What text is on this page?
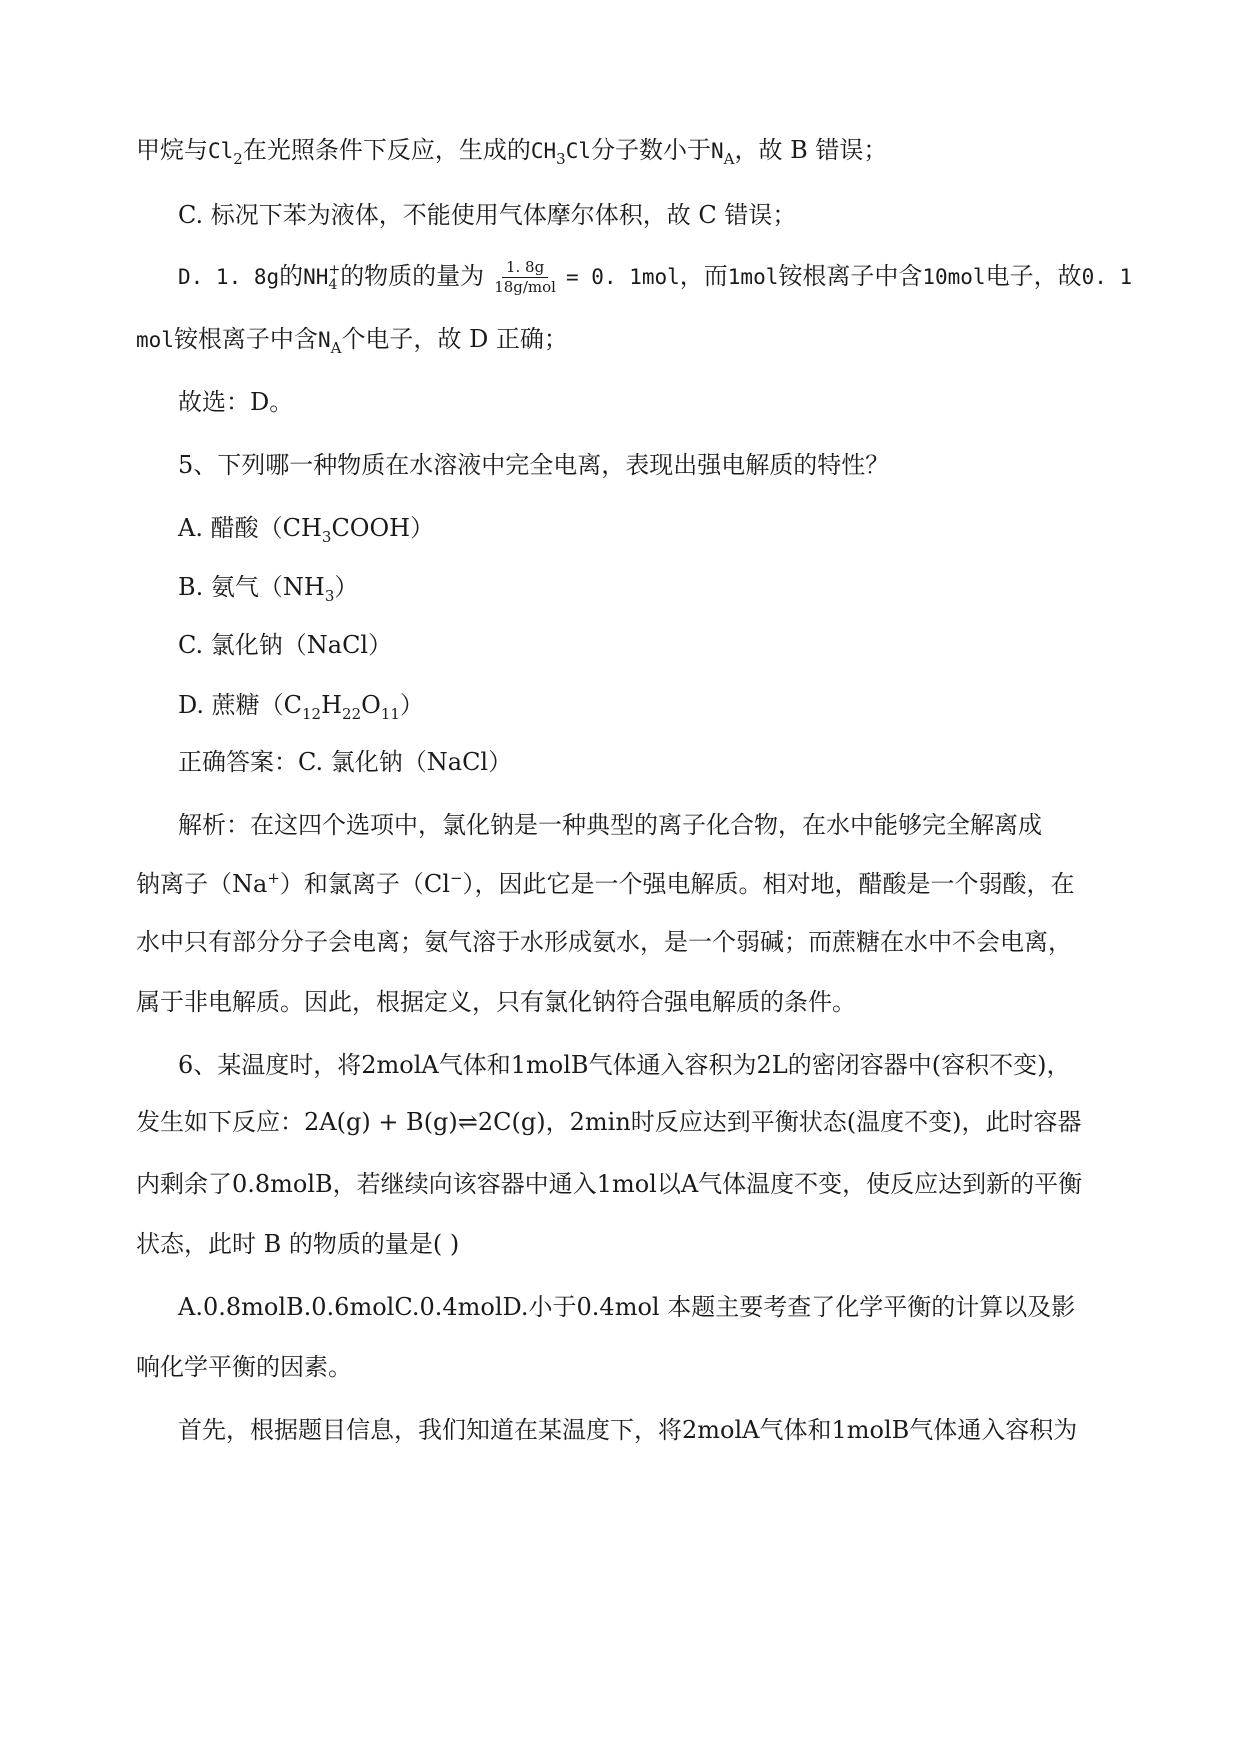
甲烷与$Cl_2$在光照条件下反应，生成的$CH_3Cl$分子数小于$N_A$，故 B 错误；
C. 标况下苯为液体，不能使用气体摩尔体积，故 C 错误；
D. 1. 8g的NH +
4 的物质的量为 $\frac{1. 8g}{\text{18g/mol}} = 0$. 1mol，而1mol铵根离子中含10mol电子，故0. 1
mol铵根离子中含$N_A$个电子，故 D 正确；
故选：D。
5、下列哪一种物质在水溶液中完全电离，表现出强电解质的特性？
A. 醋酸$(CH_3COOH)$
B. 氨气$(NH_3)$
C. 氯化钠（NaCl）
D. 蔗糖$(C_{12}H_{22}O_{11})$
正确答案：C. 氯化钠（NaCl）
解析：在这四个选项中，氯化钠是一种典型的离子化合物，在水中能够完全解离成
钠离子（Na+）和氯离子（Cl−），因此它是一个强电解质。相对地，醋酸是一个弱酸，在
水中只有部分分子会电离；氨气溶于水形成氨水，是一个弱碱；而蔗糖在水中不会电离，
属于非电解质。因此，根据定义，只有氯化钠符合强电解质的条件。
6、某温度时，将2molA气体和1molB气体通入容积为2L的密闭容器中(容积不变)，
发生如下反应：2A(g) + B(g)⇌2C(g)，2min时反应达到平衡状态(温度不变)，此时容器
内剩余了0.8molB，若继续向该容器中通入1mol以A气体温度不变，使反应达到新的平衡
状态，此时 B 的物质的量是( )
A.0.8molB.0.6molC.0.4molD.小于0.4mol 本题主要考查了化学平衡的计算以及影
响化学平衡的因素。
首先，根据题目信息，我们知道在某温度下，将2molA气体和1molB气体通入容积为
